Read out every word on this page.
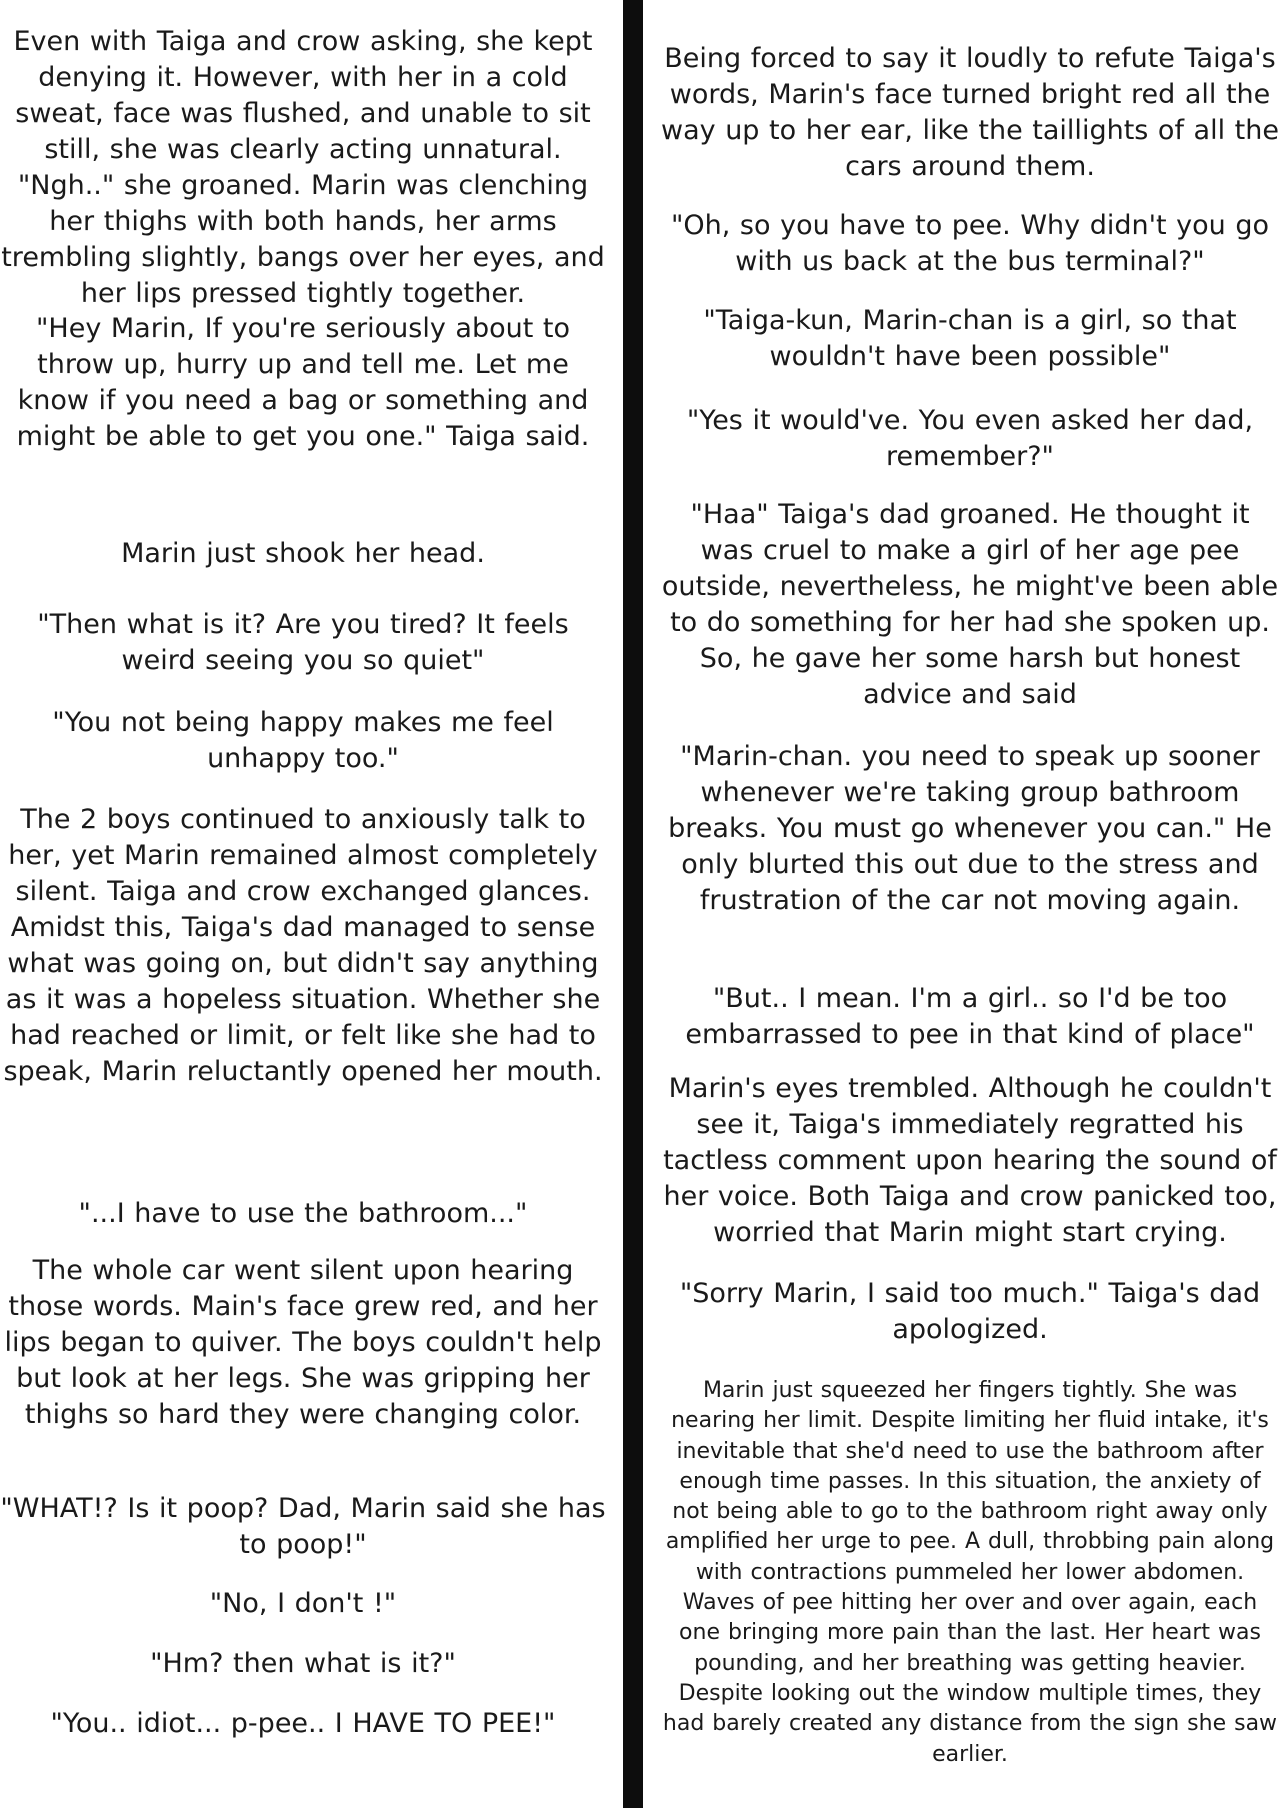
Even with Taiga and crow asking, she kept denying it. However, with her in a cold sweat, face was flushed, and unable to sit still, she was clearly acting unnatural. "Ngh.." she groaned. Marin was clenching her thighs with both hands, her arms trembling slightly, bangs over her eyes, and her lips pressed tightly together.

"Hey Marin, If you're seriously about to throw up, hurry up and tell me. Let me know if you need a bag or something and might be able to get you one." Taiga said.

Marin just shook her head.

"Then what is it? Are you tired? It feels weird seeing you so quiet"

"You not being happy makes me feel unhappy too."

The 2 boys continued to anxiously talk to her, yet Marin remained almost completely silent. Taiga and crow exchanged glances. Amidst this, Taiga's dad managed to sense what was going on, but didn't say anything as it was a hopeless situation. Whether she had reached or limit, or felt like she had to speak, Marin reluctantly opened her mouth.

"...I have to use the bathroom..."

The whole car went silent upon hearing those words. Main's face grew red, and her lips began to quiver. The boys couldn't help but look at her legs. She was gripping her thighs so hard they were changing color.

"WHAT!? Is it poop? Dad, Marin said she has to poop!"

"No, I don't !"

"Hm? then what is it?"

"You.. idiot... p-pee.. I HAVE TO PEE!"

Being forced to say it loudly to refute Taiga's words, Marin's face turned bright red all the way up to her ear, like the taillights of all the cars around them.

"Oh, so you have to pee. Why didn't you go with us back at the bus terminal?"

"Taiga-kun, Marin-chan is a girl, so that wouldn't have been possible"

"Yes it would've. You even asked her dad, remember?"

"Haa" Taiga's dad groaned. He thought it was cruel to make a girl of her age pee outside, nevertheless, he might've been able to do something for her had she spoken up. So, he gave her some harsh but honest advice and said

"Marin-chan. you need to speak up sooner whenever we're taking group bathroom breaks. You must go whenever you can." He only blurted this out due to the stress and frustration of the car not moving again.

"But.. I mean. I'm a girl.. so I'd be too embarrassed to pee in that kind of place"

Marin's eyes trembled. Although he couldn't see it, Taiga's immediately regratted his tactless comment upon hearing the sound of her voice. Both Taiga and crow panicked too, worried that Marin might start crying.

"Sorry Marin, I said too much." Taiga's dad apologized.

Marin just squeezed her fingers tightly. She was nearing her limit. Despite limiting her fluid intake, it's inevitable that she'd need to use the bathroom after enough time passes. In this situation, the anxiety of not being able to go to the bathroom right away only amplified her urge to pee. A dull, throbbing pain along with contractions pummeled her lower abdomen. Waves of pee hitting her over and over again, each one bringing more pain than the last. Her heart was pounding, and her breathing was getting heavier. Despite looking out the window multiple times, they had barely created any distance from the sign she saw earlier.
